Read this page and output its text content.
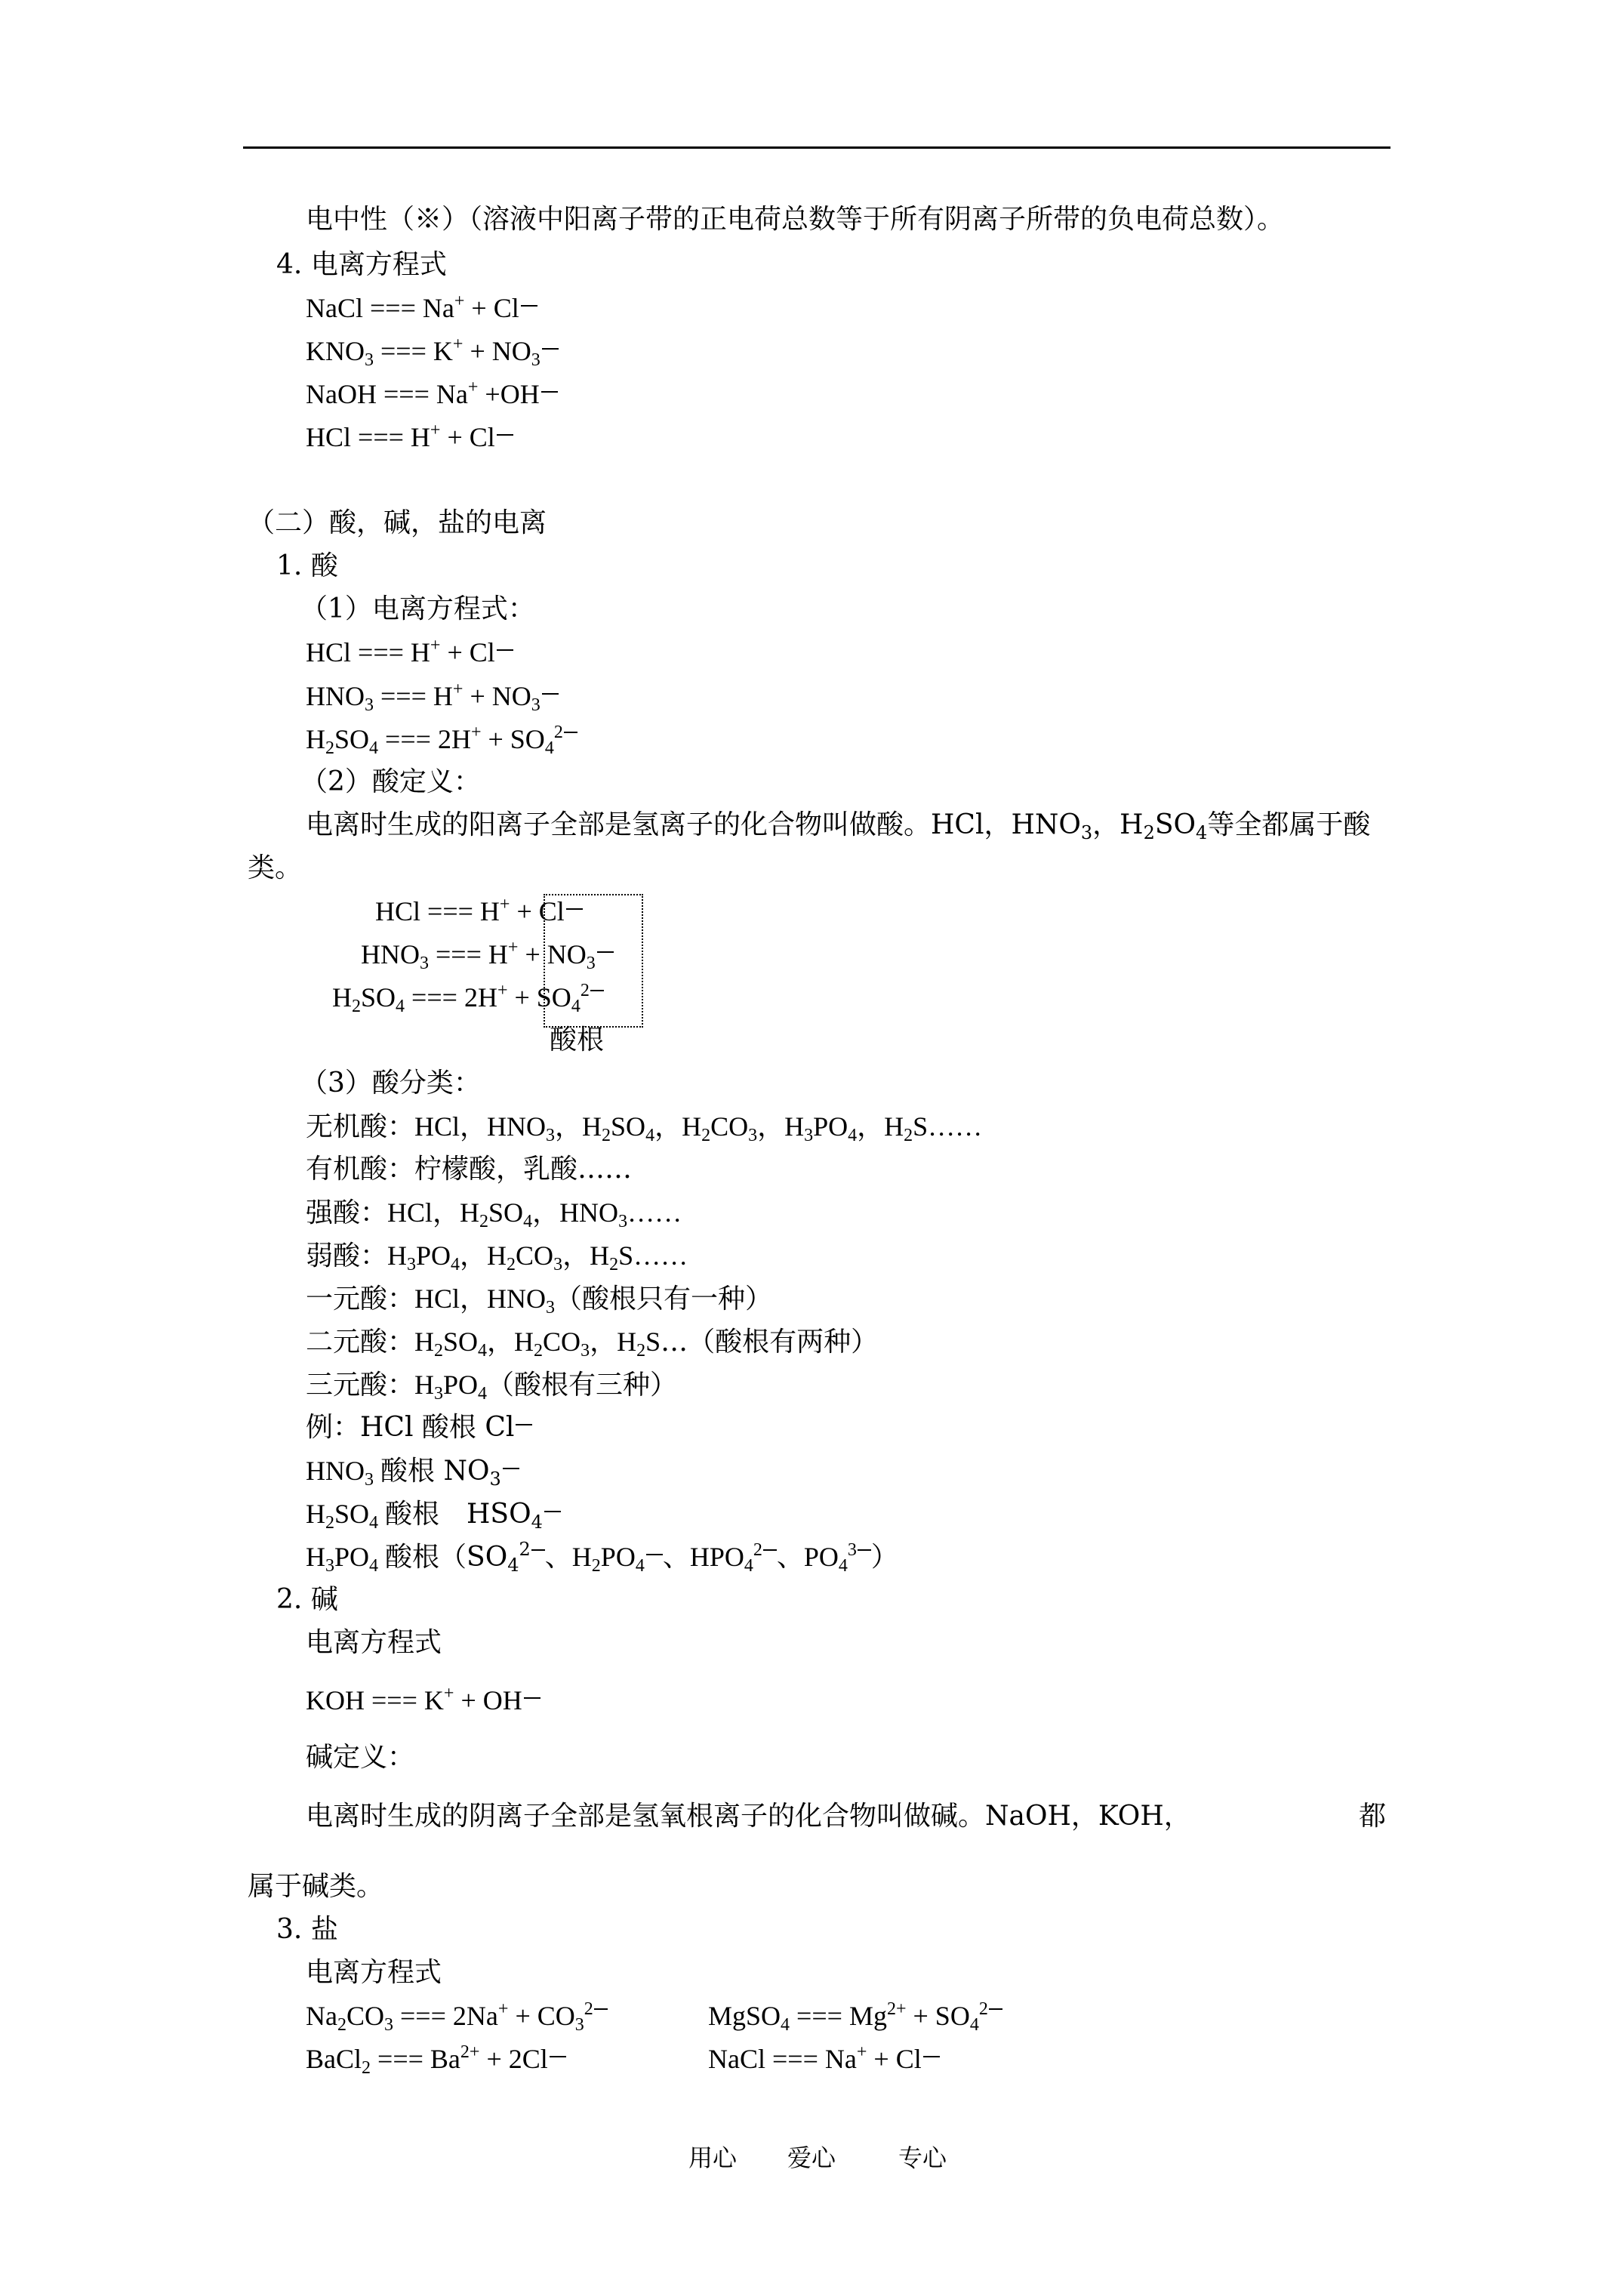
电中性（※）（溶液中阳离子带的正电荷总数等于所有阴离子所带的负电荷总数）。
4. 电离方程式
NaCl === Na+ + Cl
$KNO_3$ === $K^+ + NO_3$
NaOH === Na+ +OH
HCl === H+ + Cl
（二）酸，碱，盐的电离
1. 酸
（1）电离方程式：
HCl === H+ + Cl
$HNO_3$ === $H^+ + NO_3$
$H_2SO_4$ === $2H^+ + SO_4^2$
（2）酸定义：
电离时生成的阳离子全部是氢离子的化合物叫做酸。HCl，$HNO_3$，$H_2SO_4$等全都属于酸
类。
HCl === H+ + Cl
$HNO_3$ === $H^+ + NO_3$
$H_2SO_4$ === $2H^+ + SO_4^2$
酸根
（3）酸分类：
无机酸：HCl，$HNO_3$，$H_2SO_4$，$H_2CO_3$，$H_3PO_4$，$H_2S\dots\dots$
有机酸：柠檬酸，乳酸……
强酸：HCl，$H_2SO_4$，$HNO_3\dots\dots$
弱酸：$H_3PO_4$，$H_2CO_3$，$H_2S\dots\dots$
一元酸：HCl，$HNO_3$（酸根只有一种）
二元酸：$H_2SO_4$，$H_2CO_3$，$H_2S\dots$（酸根有两种）
三元酸：$H_3PO_4$（酸根有三种）
例：HCl 酸根 Cl
$HNO_3$ 酸根 $NO_3$
$H_2SO_4$ 酸根　$HSO_4$
$H_3PO_4$ 酸根（$SO_4^2$ 、$H_2PO_4$ 、$HPO_4^2$ 、$PO_4^3$ ）
2. 碱
电离方程式
KOH === K+ + OH
碱定义：
电离时生成的阴离子全部是氢氧根离子的化合物叫做碱。NaOH，KOH，	都
属于碱类。
3. 盐
电离方程式
$Na_2CO_3$ === $2Na^+ + CO_3^2$	MgSO$_4$ === $Mg^{2+} + SO_4^2$
BaCl$_2$ === $Ba^{2+} + 2Cl$	NaCl === Na+ + Cl
用心 爱心	专心
